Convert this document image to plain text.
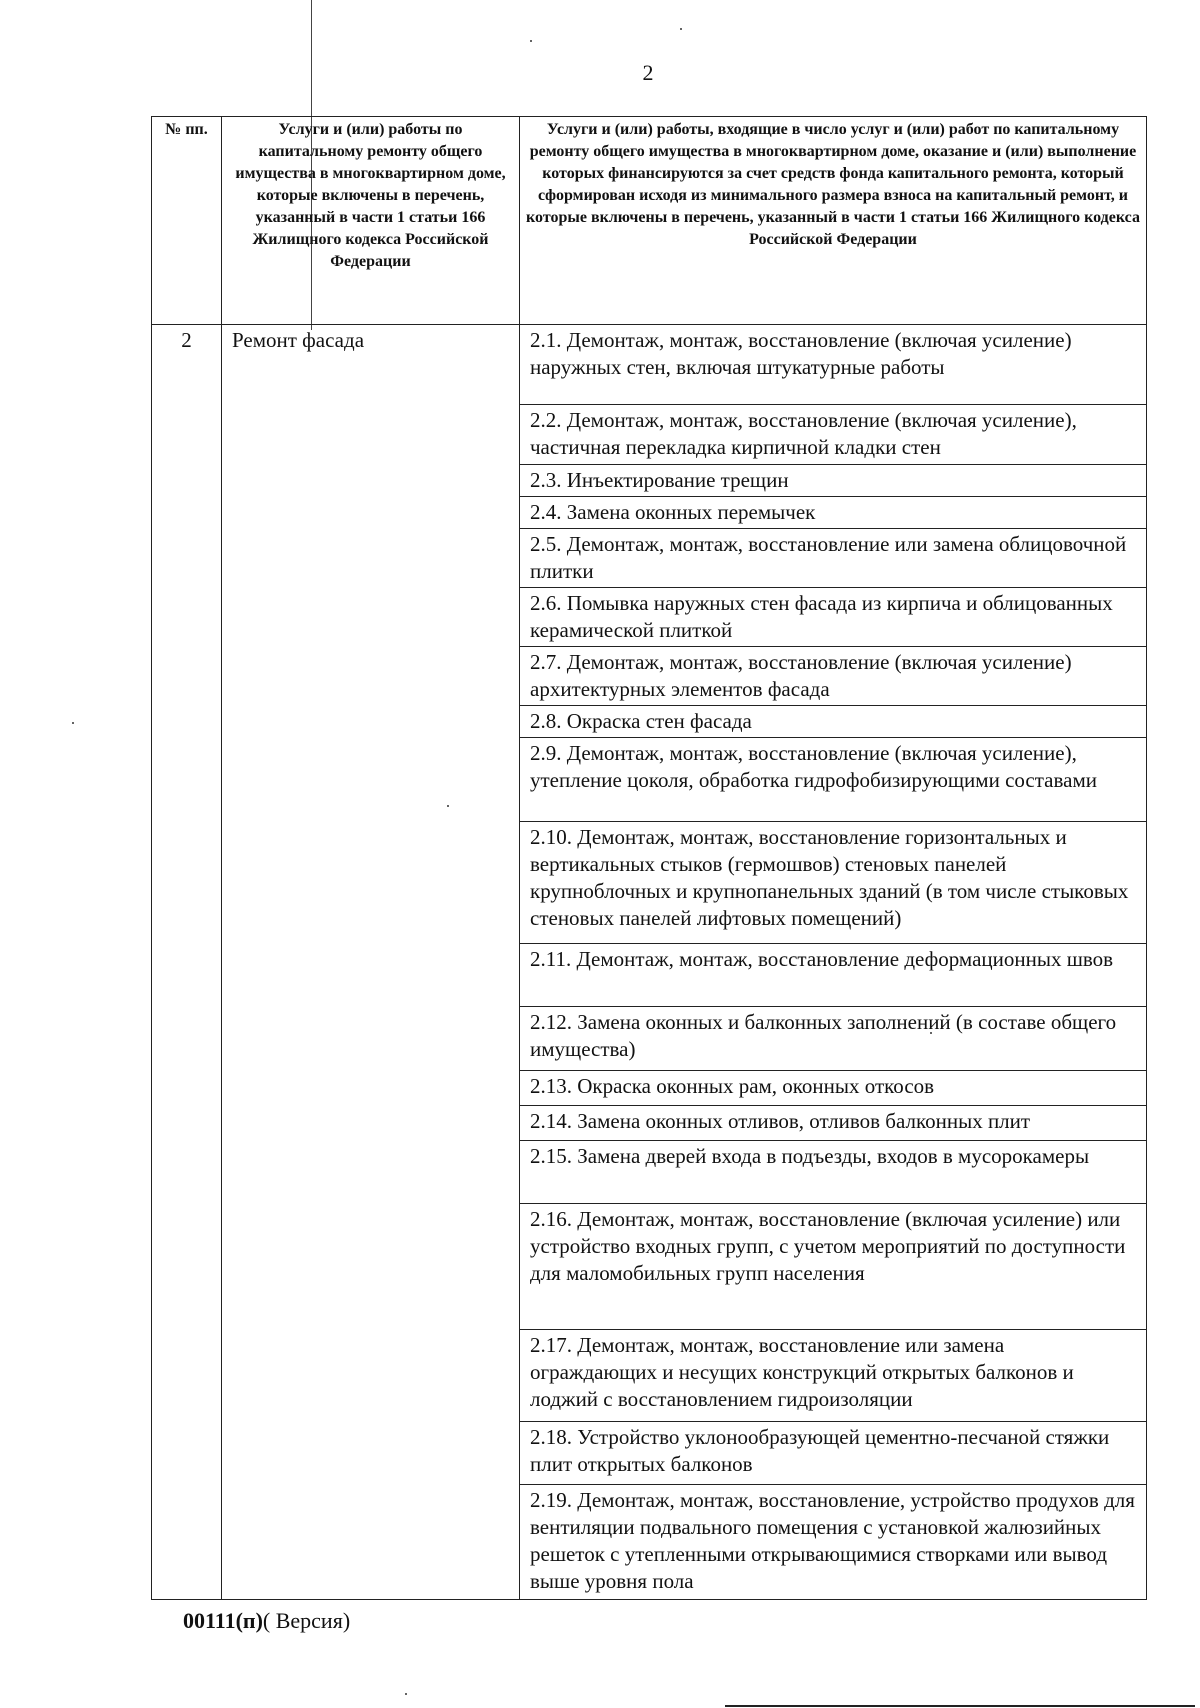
2
№ пп.	Услуги и (или) работы по капитальному ремонту общего имущества в многоквартирном доме, которые включены в перечень, указанный в части 1 статьи 166 Жилищного кодекса Российской Федерации	Услуги и (или) работы, входящие в число услуг и (или) работ по капитальному ремонту общего имущества в многоквартирном доме, оказание и (или) выполнение которых финансируются за счет средств фонда капитального ремонта, который сформирован исходя из минимального размера взноса на капитальный ремонт, и которые включены в перечень, указанный в части 1 статьи 166 Жилищного кодекса Российской Федерации
2	Ремонт фасада	2.1. Демонтаж, монтаж, восстановление (включая усиление) наружных стен, включая штукатурные работы
		2.2. Демонтаж, монтаж, восстановление (включая усиление), частичная перекладка кирпичной кладки стен
		2.3. Инъектирование трещин
		2.4. Замена оконных перемычек
		2.5. Демонтаж, монтаж, восстановление или замена облицовочной плитки
		2.6. Помывка наружных стен фасада из кирпича и облицованных керамической плиткой
		2.7. Демонтаж, монтаж, восстановление (включая усиление) архитектурных элементов фасада
		2.8. Окраска стен фасада
		2.9. Демонтаж, монтаж, восстановление (включая усиление), утепление цоколя, обработка гидрофобизирующими составами
		2.10. Демонтаж, монтаж, восстановление горизонтальных и вертикальных стыков (гермошвов) стеновых панелей крупноблочных и крупнопанельных зданий (в том числе стыковых стеновых панелей лифтовых помещений)
		2.11. Демонтаж, монтаж, восстановление деформационных швов
		2.12. Замена оконных и балконных заполнений (в составе общего имущества)
		2.13. Окраска оконных рам, оконных откосов
		2.14. Замена оконных отливов, отливов балконных плит
		2.15. Замена дверей входа в подъезды, входов в мусорокамеры
		2.16. Демонтаж, монтаж, восстановление (включая усиление) или устройство входных групп, с учетом мероприятий по доступности для маломобильных групп населения
		2.17. Демонтаж, монтаж, восстановление или замена ограждающих и несущих конструкций открытых балконов и лоджий с восстановлением гидроизоляции
		2.18. Устройство уклонообразующей цементно-песчаной стяжки плит открытых балконов
		2.19. Демонтаж, монтаж, восстановление, устройство продухов для вентиляции подвального помещения с установкой жалюзийных решеток с утепленными открывающимися створками или вывод выше уровня пола
00111(п)( Версия)
